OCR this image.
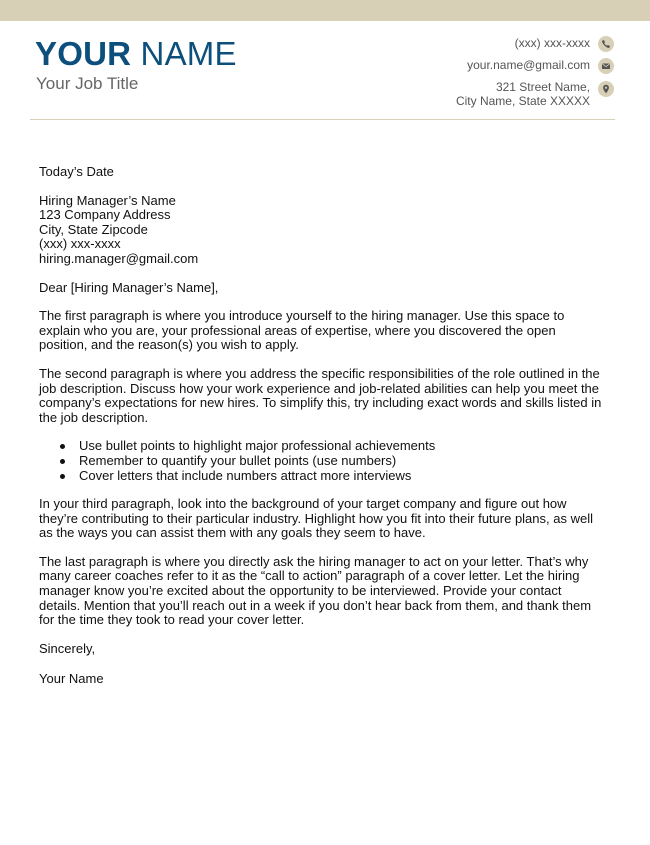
YOUR NAME
Your Job Title
(xxx) xxx-xxxx
your.name@gmail.com
321 Street Name,
City Name, State XXXXX

Today’s Date

Hiring Manager’s Name

123 Company Address

City, State Zipcode

(xxx) xxx-xxxx

hiring.manager@gmail.com

Dear [Hiring Manager’s Name],

The first paragraph is where you introduce yourself to the hiring manager. Use this space to explain who you are, your professional areas of expertise, where you discovered the open position, and the reason(s) you wish to apply.

The second paragraph is where you address the specific responsibilities of the role outlined in the job description. Discuss how your work experience and job-related abilities can help you meet the company’s expectations for new hires. To simplify this, try including exact words and skills listed in the job description.

Use bullet points to highlight major professional achievements
Remember to quantify your bullet points (use numbers)
Cover letters that include numbers attract more interviews

In your third paragraph, look into the background of your target company and figure out how they’re contributing to their particular industry. Highlight how you fit into their future plans, as well as the ways you can assist them with any goals they seem to have.

The last paragraph is where you directly ask the hiring manager to act on your letter. That’s why many career coaches refer to it as the “call to action” paragraph of a cover letter. Let the hiring manager know you’re excited about the opportunity to be interviewed. Provide your contact details. Mention that you’ll reach out in a week if you don’t hear back from them, and thank them for the time they took to read your cover letter.

Sincerely,

Your Name
